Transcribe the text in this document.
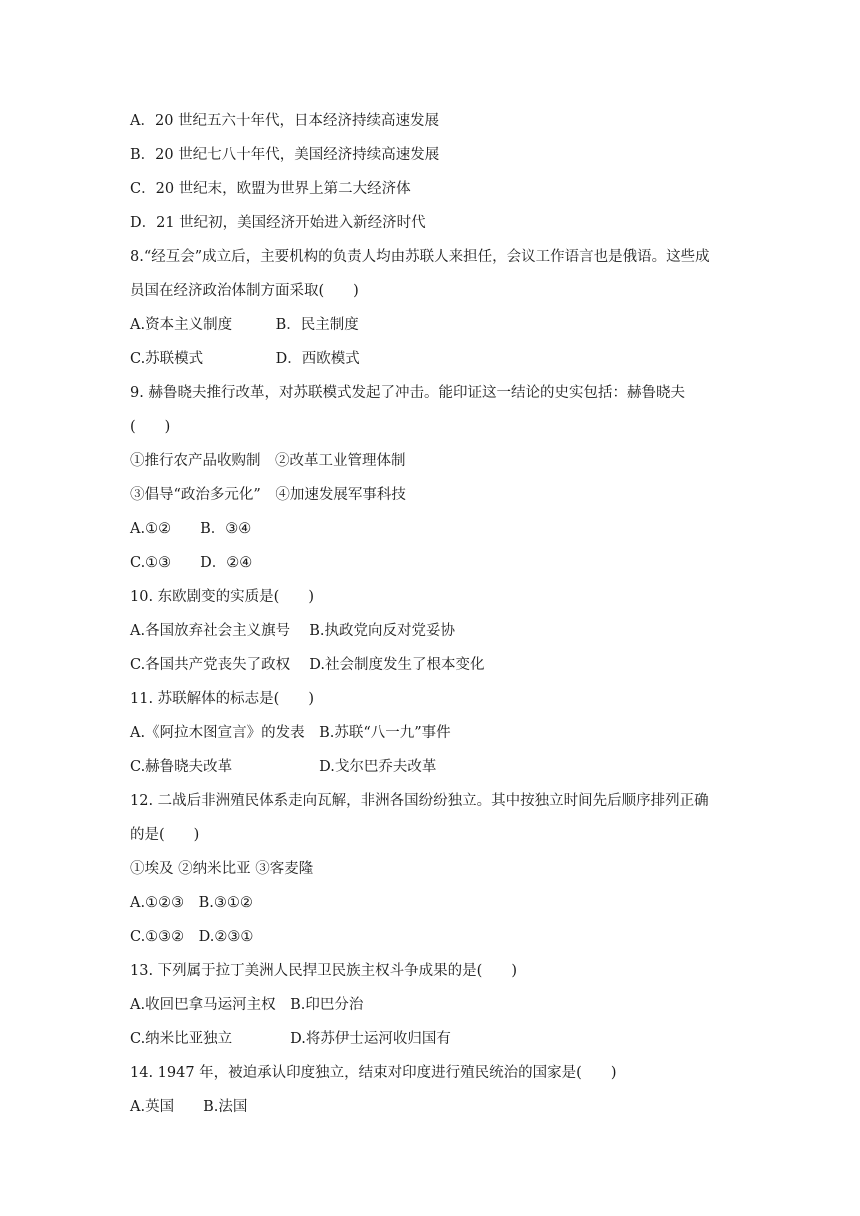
A．20 世纪五六十年代，日本经济持续高速发展
B．20 世纪七八十年代，美国经济持续高速发展
C．20 世纪末，欧盟为世界上第二大经济体
D．21 世纪初，美国经济开始进入新经济时代
8.“经互会”成立后，主要机构的负责人均由苏联人来担任，会议工作语言也是俄语。这些成
员国在经济政治体制方面采取(　　)
A.资本主义制度　　　B．民主制度
C.苏联模式　　　　　D．西欧模式
9. 赫鲁晓夫推行改革，对苏联模式发起了冲击。能印证这一结论的史实包括：赫鲁晓夫
(　　)
①推行农产品收购制　②改革工业管理体制
③倡导“政治多元化”　④加速发展军事科技
A.①②　　B．③④
C.①③　　D．②④
10. 东欧剧变的实质是(　　)
A.各国放弃社会主义旗号　 B.执政党向反对党妥协
C.各国共产党丧失了政权　 D.社会制度发生了根本变化
11. 苏联解体的标志是(　　)
A.《阿拉木图宣言》的发表　B.苏联“八一九”事件
C.赫鲁晓夫改革　　　　　　D.戈尔巴乔夫改革
12. 二战后非洲殖民体系走向瓦解，非洲各国纷纷独立。其中按独立时间先后顺序排列正确
的是(　　)
①埃及 ②纳米比亚 ③客麦隆
A.①②③　B.③①②
C.①③②　D.②③①
13. 下列属于拉丁美洲人民捍卫民族主权斗争成果的是(　　)
A.收回巴拿马运河主权　B.印巴分治
C.纳米比亚独立　　　　D.将苏伊士运河收归国有
14. 1947 年，被迫承认印度独立，结束对印度进行殖民统治的国家是(　　)
A.英国　　B.法国
